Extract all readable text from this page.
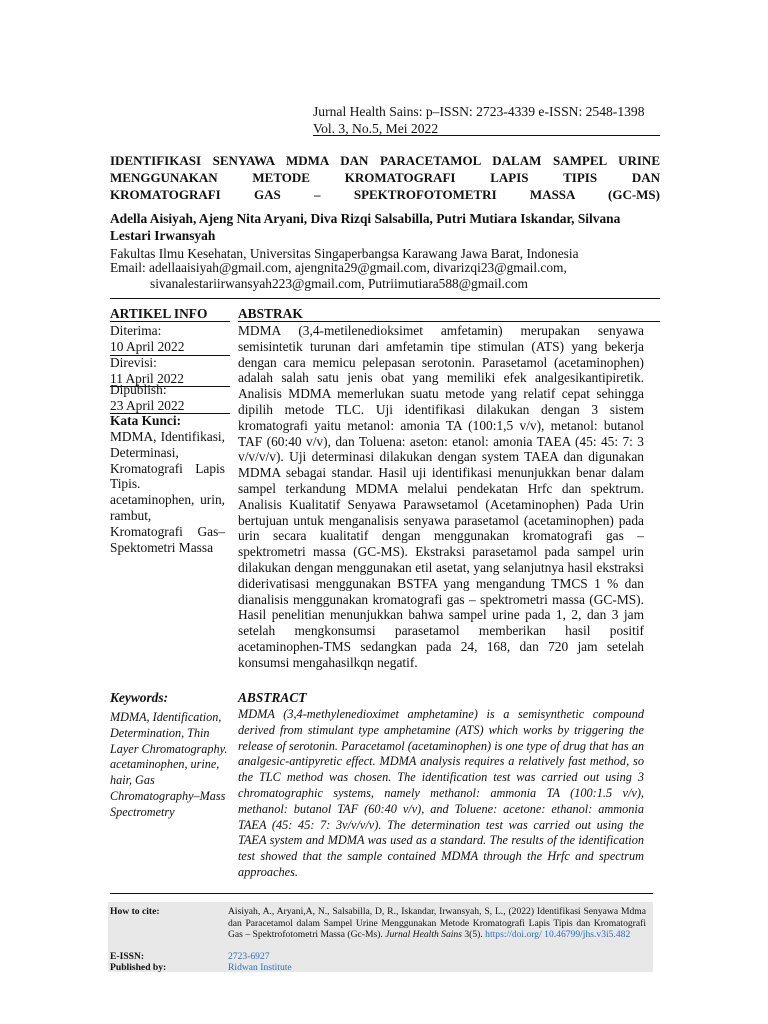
Jurnal Health Sains: p–ISSN: 2723-4339 e-ISSN: 2548-1398
Vol. 3, No.5, Mei 2022
IDENTIFIKASI SENYAWA MDMA DAN PARACETAMOL DALAM SAMPEL URINE
MENGGUNAKAN METODE KROMATOGRAFI LAPIS TIPIS DAN
KROMATOGRAFI GAS – SPEKTROFOTOMETRI MASSA (GC-MS)
Adella Aisiyah, Ajeng Nita Aryani, Diva Rizqi Salsabilla, Putri Mutiara Iskandar, Silvana Lestari Irwansyah
Fakultas Ilmu Kesehatan, Universitas Singaperbangsa Karawang Jawa Barat, Indonesia
Email: adellaaisiyah@gmail.com, ajengnita29@gmail.com, divarizqi23@gmail.com,
sivanalestariirwansyah223@gmail.com, Putriimutiara588@gmail.com
ARTIKEL INFO ABSTRAK
Diterima:
10 April 2022
Direvisi:
11 April 2022
Dipublish:
23 April 2022
Kata Kunci:
MDMA, Identifikasi, Determinasi, Kromatografi Lapis Tipis. acetaminophen, urin, rambut, Kromatografi Gas–Spektometri Massa
MDMA (3,4-metilenedioksimet amfetamin) merupakan senyawa semisintetik turunan dari amfetamin tipe stimulan (ATS) yang bekerja dengan cara memicu pelepasan serotonin. Parasetamol (acetaminophen) adalah salah satu jenis obat yang memiliki efek analgesikantipiretik. Analisis MDMA memerlukan suatu metode yang relatif cepat sehingga dipilih metode TLC. Uji identifikasi dilakukan dengan 3 sistem kromatografi yaitu metanol: amonia TA (100:1,5 v/v), metanol: butanol TAF (60:40 v/v), dan Toluena: aseton: etanol: amonia TAEA (45: 45: 7: 3 v/v/v/v). Uji determinasi dilakukan dengan system TAEA dan digunakan MDMA sebagai standar. Hasil uji identifikasi menunjukkan benar dalam sampel terkandung MDMA melalui pendekatan Hrfc dan spektrum. Analisis Kualitatif Senyawa Parawsetamol (Acetaminophen) Pada Urin bertujuan untuk menganalisis senyawa parasetamol (acetaminophen) pada urin secara kualitatif dengan menggunakan kromatografi gas – spektrometri massa (GC-MS). Ekstraksi parasetamol pada sampel urin dilakukan dengan menggunakan etil asetat, yang selanjutnya hasil ekstraksi diderivatisasi menggunakan BSTFA yang mengandung TMCS 1 % dan dianalisis menggunakan kromatografi gas – spektrometri massa (GC-MS). Hasil penelitian menunjukkan bahwa sampel urine pada 1, 2, dan 3 jam setelah mengkonsumsi parasetamol memberikan hasil positif acetaminophen-TMS sedangkan pada 24, 168, dan 720 jam setelah konsumsi mengahasilkqn negatif.
Keywords:
MDMA, Identification, Determination, Thin Layer Chromatography. acetaminophen, urine, hair, Gas Chromatography–Mass Spectrometry
ABSTRACT
MDMA (3,4-methylenedioximet amphetamine) is a semisynthetic compound derived from stimulant type amphetamine (ATS) which works by triggering the release of serotonin. Paracetamol (acetaminophen) is one type of drug that has an analgesic-antipyretic effect. MDMA analysis requires a relatively fast method, so the TLC method was chosen. The identification test was carried out using 3 chromatographic systems, namely methanol: ammonia TA (100:1.5 v/v), methanol: butanol TAF (60:40 v/v), and Toluene: acetone: ethanol: ammonia TAEA (45: 45: 7: 3v/v/v/v). The determination test was carried out using the TAEA system and MDMA was used as a standard. The results of the identification test showed that the sample contained MDMA through the Hrfc and spectrum approaches.
How to cite:	Aisiyah, A., Aryani,A, N., Salsabilla, D, R., Iskandar, Irwansyah, S, L., (2022) Identifikasi Senyawa Mdma dan Paracetamol dalam Sampel Urine Menggunakan Metode Kromatografi Lapis Tipis dan Kromatografi Gas – Spektrofotometri Massa (Gc-Ms). Jurnal Health Sains 3(5). https://doi.org/ 10.46799/jhs.v3i5.482
E-ISSN:	2723-6927
Published by:	Ridwan Institute
